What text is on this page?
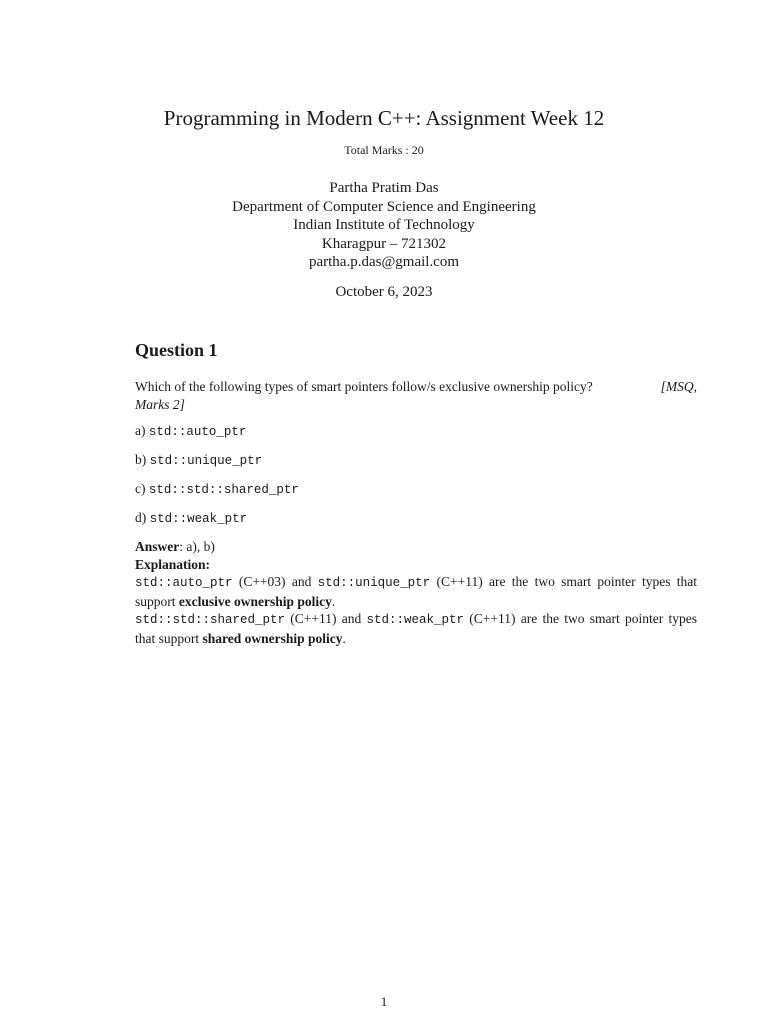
Programming in Modern C++: Assignment Week 12
Total Marks : 20
Partha Pratim Das
Department of Computer Science and Engineering
Indian Institute of Technology
Kharagpur – 721302
partha.p.das@gmail.com
October 6, 2023
Question 1
[MSQ,
Which of the following types of smart pointers follow/s exclusive ownership policy?
Marks 2]
a) std::auto_ptr
b) std::unique_ptr
c) std::std::shared_ptr
d) std::weak_ptr
Answer: a), b)
Explanation:
std::auto_ptr (C++03) and std::unique_ptr (C++11) are the two smart pointer types that support exclusive ownership policy.
std::std::shared_ptr (C++11) and std::weak_ptr (C++11) are the two smart pointer types that support shared ownership policy.
1
